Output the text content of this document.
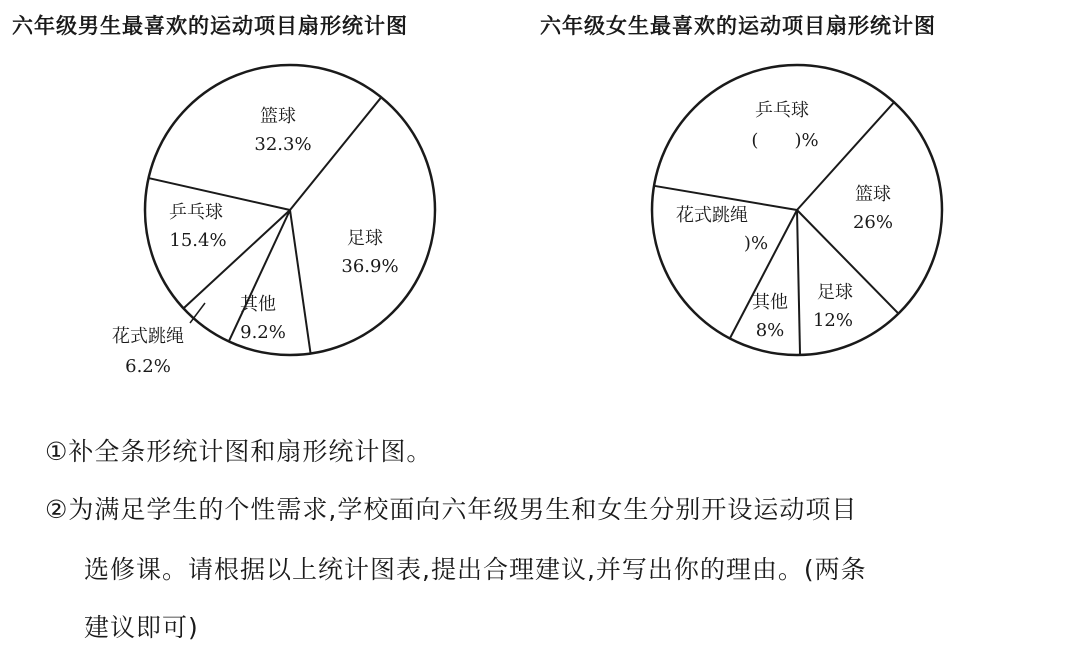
六年级男生最喜欢的运动项目扇形统计图	六年级女生最喜欢的运动项目扇形统计图
足球
36.9%
其他
9.2%
花式跳绳
6.2%
乒乓球
15.4%
篮球
32.3%
篮球
26%
足球
12%
其他
8%
花式跳绳
)%
乒乓球
(　　)%
①补全条形统计图和扇形统计图。
②为满足学生的个性需求,学校面向六年级男生和女生分别开设运动项目
选修课。请根据以上统计图表,提出合理建议,并写出你的理由。(两条
建议即可)
